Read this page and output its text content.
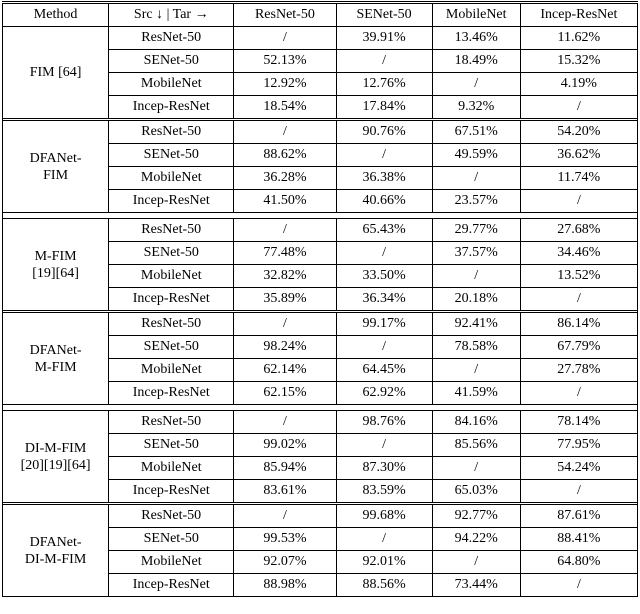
Method	Src ↓ | Tar →	ResNet-50	SENet-50	MobileNet	Incep-ResNet

FIM [64]	ResNet-50	/	39.91%	13.46%	11.62%
	SENet-50	52.13%	/	18.49%	15.32%
	MobileNet	12.92%	12.76%	/	4.19%
	Incep-ResNet	18.54%	17.84%	9.32%	/

DFANet-
FIM	ResNet-50	/	90.76%	67.51%	54.20%
	SENet-50	88.62%	/	49.59%	36.62%
	MobileNet	36.28%	36.38%	/	11.74%
	Incep-ResNet	41.50%	40.66%	23.57%	/

M-FIM
[19][64]	ResNet-50	/	65.43%	29.77%	27.68%
	SENet-50	77.48%	/	37.57%	34.46%
	MobileNet	32.82%	33.50%	/	13.52%
	Incep-ResNet	35.89%	36.34%	20.18%	/

DFANet-
M-FIM	ResNet-50	/	99.17%	92.41%	86.14%
	SENet-50	98.24%	/	78.58%	67.79%
	MobileNet	62.14%	64.45%	/	27.78%
	Incep-ResNet	62.15%	62.92%	41.59%	/

DI-M-FIM
[20][19][64]	ResNet-50	/	98.76%	84.16%	78.14%
	SENet-50	99.02%	/	85.56%	77.95%
	MobileNet	85.94%	87.30%	/	54.24%
	Incep-ResNet	83.61%	83.59%	65.03%	/

DFANet-
DI-M-FIM	ResNet-50	/	99.68%	92.77%	87.61%
	SENet-50	99.53%	/	94.22%	88.41%
	MobileNet	92.07%	92.01%	/	64.80%
	Incep-ResNet	88.98%	88.56%	73.44%	/
